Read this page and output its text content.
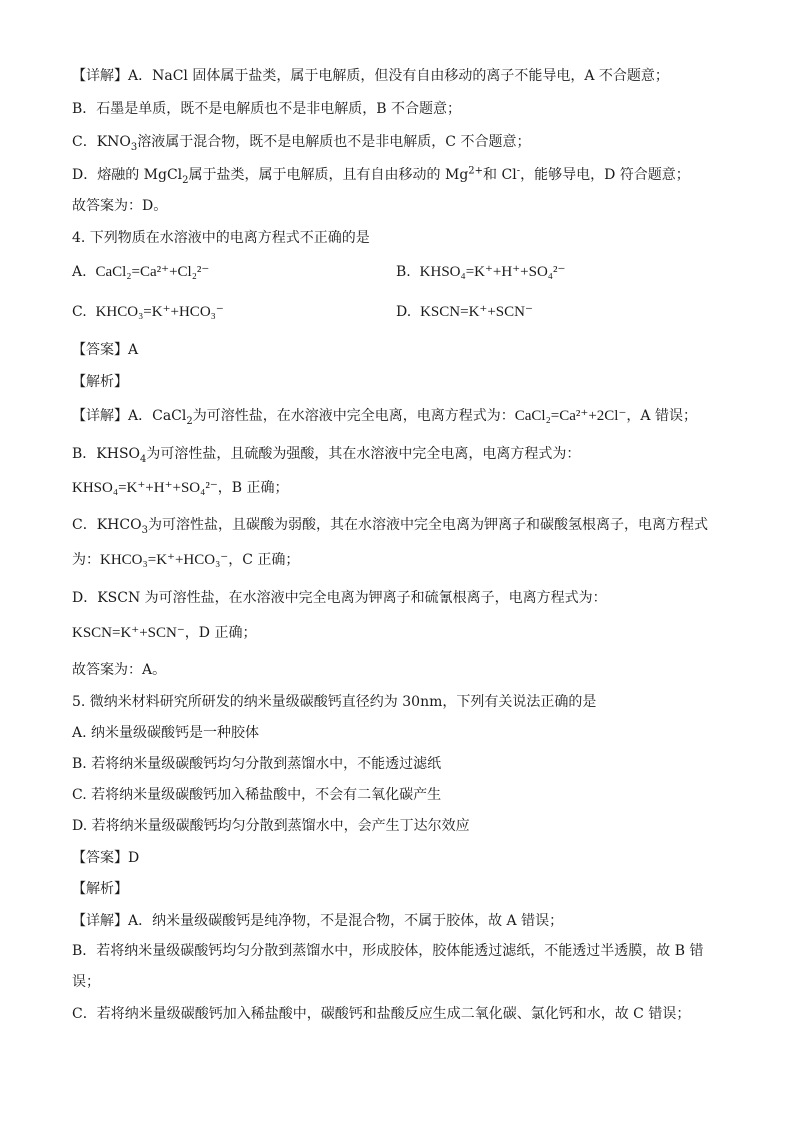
【详解】A．NaCl 固体属于盐类，属于电解质，但没有自由移动的离子不能导电，A 不合题意；
B．石墨是单质，既不是电解质也不是非电解质，B 不合题意；
C．$KNO_3$溶液属于混合物，既不是电解质也不是非电解质，C 不合题意；
D．熔融的 MgCl$_2$属于盐类，属于电解质，且有自由移动的 $Mg^{2+}$和 Cl-，能够导电，D 符合题意；
故答案为：D。
4. 下列物质在水溶液中的电离方程式不正确的是
A. CaCl₂=Ca²⁺+Cl₂²⁻	B. KHSO₄=K⁺+H⁺+SO₄²⁻
C. KHCO₃=K⁺+HCO₃⁻	D. KSCN=K⁺+SCN⁻
【答案】A
【解析】
【详解】A．CaCl$_2$为可溶性盐，在水溶液中完全电离，电离方程式为：CaCl₂=Ca²⁺+2Cl⁻，A 错误；
B．$KHSO_4$为可溶性盐，且硫酸为强酸，其在水溶液中完全电离，电离方程式为：
KHSO₄=K⁺+H⁺+SO₄²⁻，B 正确；
C．$KHCO_3$为可溶性盐，且碳酸为弱酸，其在水溶液中完全电离为钾离子和碳酸氢根离子，电离方程式
为：KHCO₃=K⁺+HCO₃⁻，C 正确；
D．KSCN 为可溶性盐，在水溶液中完全电离为钾离子和硫氰根离子，电离方程式为：
KSCN=K⁺+SCN⁻，D 正确；
故答案为：A。
5. 微纳米材料研究所研发的纳米量级碳酸钙直径约为 30nm，下列有关说法正确的是
A. 纳米量级碳酸钙是一种胶体
B. 若将纳米量级碳酸钙均匀分散到蒸馏水中，不能透过滤纸
C. 若将纳米量级碳酸钙加入稀盐酸中，不会有二氧化碳产生
D. 若将纳米量级碳酸钙均匀分散到蒸馏水中，会产生丁达尔效应
【答案】D
【解析】
【详解】A．纳米量级碳酸钙是纯净物，不是混合物，不属于胶体，故 A 错误；
B．若将纳米量级碳酸钙均匀分散到蒸馏水中，形成胶体，胶体能透过滤纸，不能透过半透膜，故 B 错
误；
C．若将纳米量级碳酸钙加入稀盐酸中，碳酸钙和盐酸反应生成二氧化碳、氯化钙和水，故 C 错误；
